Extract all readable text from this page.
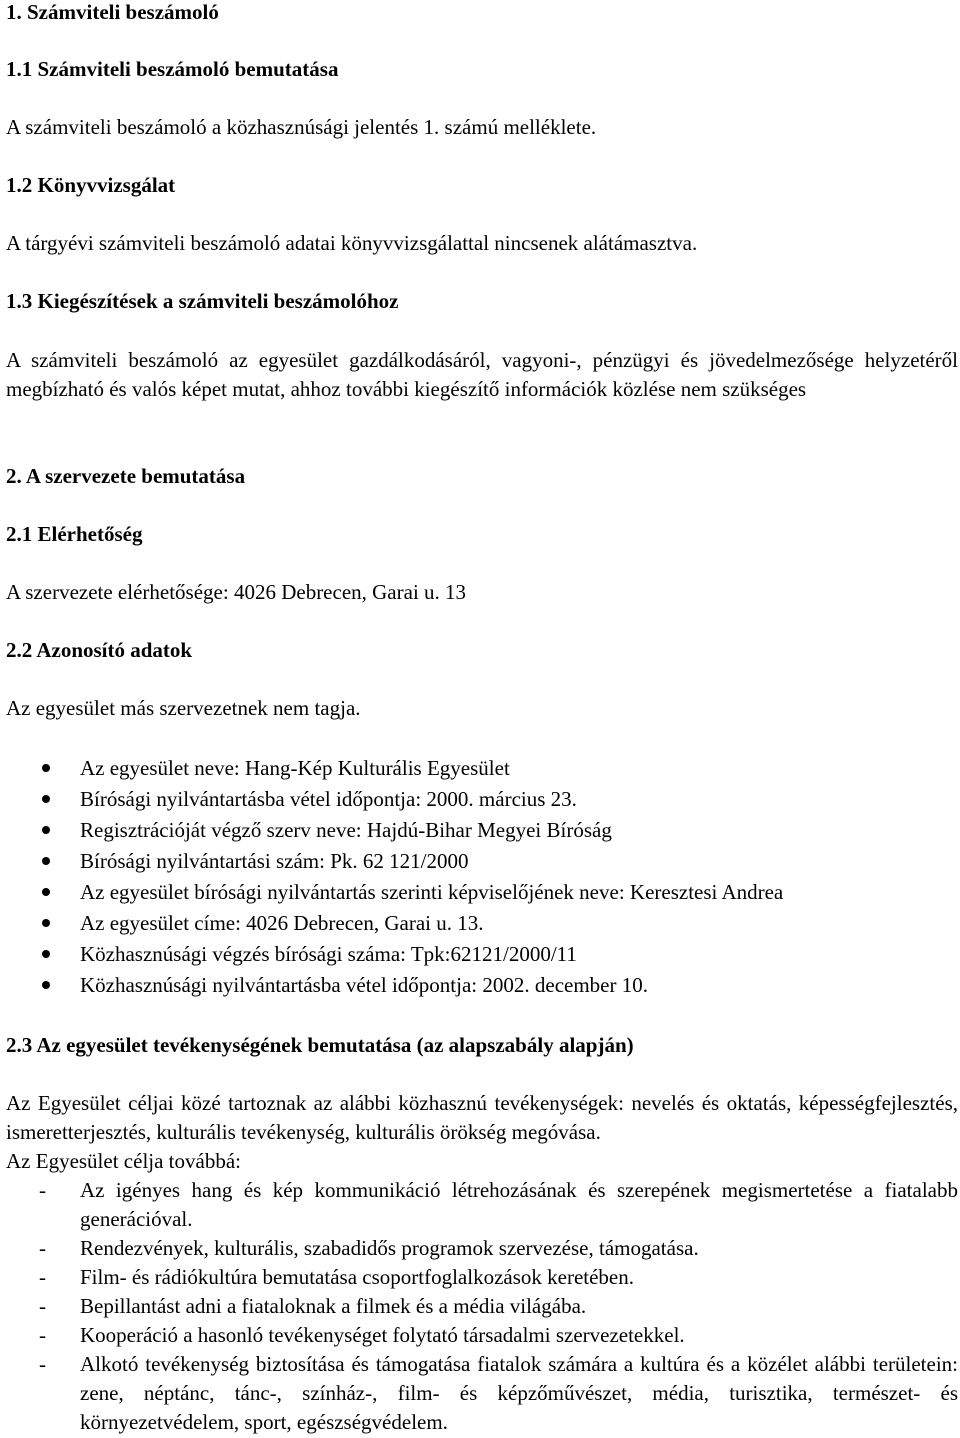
1. Számviteli beszámoló

1.1 Számviteli beszámoló bemutatása

A számviteli beszámoló a közhasznúsági jelentés 1. számú melléklete.

1.2 Könyvvizsgálat

A tárgyévi számviteli beszámoló adatai könyvvizsgálattal nincsenek alátámasztva.

1.3 Kiegészítések a számviteli beszámolóhoz

A számviteli beszámoló az egyesület gazdálkodásáról, vagyoni-, pénzügyi és jövedelmezősége helyzetéről megbízható és valós képet mutat, ahhoz további kiegészítő információk közlése nem szükséges

2. A szervezete bemutatása

2.1 Elérhetőség

A szervezete elérhetősége: 4026 Debrecen, Garai u. 13

2.2 Azonosító adatok

Az egyesület más szervezetnek nem tagja.

Az egyesület neve: Hang-Kép Kulturális Egyesület
Bírósági nyilvántartásba vétel időpontja: 2000. március 23.
Regisztrációját végző szerv neve: Hajdú-Bihar Megyei Bíróság
Bírósági nyilvántartási szám: Pk. 62 121/2000
Az egyesület bírósági nyilvántartás szerinti képviselőjének neve: Keresztesi Andrea
Az egyesület címe: 4026 Debrecen, Garai u. 13.
Közhasznúsági végzés bírósági száma: Tpk:62121/2000/11
Közhasznúsági nyilvántartásba vétel időpontja: 2002. december 10.

2.3 Az egyesület tevékenységének bemutatása (az alapszabály alapján)

Az Egyesület céljai közé tartoznak az alábbi közhasznú tevékenységek: nevelés és oktatás, képességfejlesztés, ismeretterjesztés, kulturális tevékenység, kulturális örökség megóvása.

Az Egyesület célja továbbá:

- Az igényes hang és kép kommunikáció létrehozásának és szerepének megismertetése a fiatalabb generációval.
- Rendezvények, kulturális, szabadidős programok szervezése, támogatása.
- Film- és rádiókultúra bemutatása csoportfoglalkozások keretében.
- Bepillantást adni a fiataloknak a filmek és a média világába.
- Kooperáció a hasonló tevékenységet folytató társadalmi szervezetekkel.
- Alkotó tevékenység biztosítása és támogatása fiatalok számára a kultúra és a közélet alábbi területein: zene, néptánc, tánc-, színház-, film- és képzőművészet, média, turisztika, természet- és környezetvédelem, sport, egészségvédelem.
